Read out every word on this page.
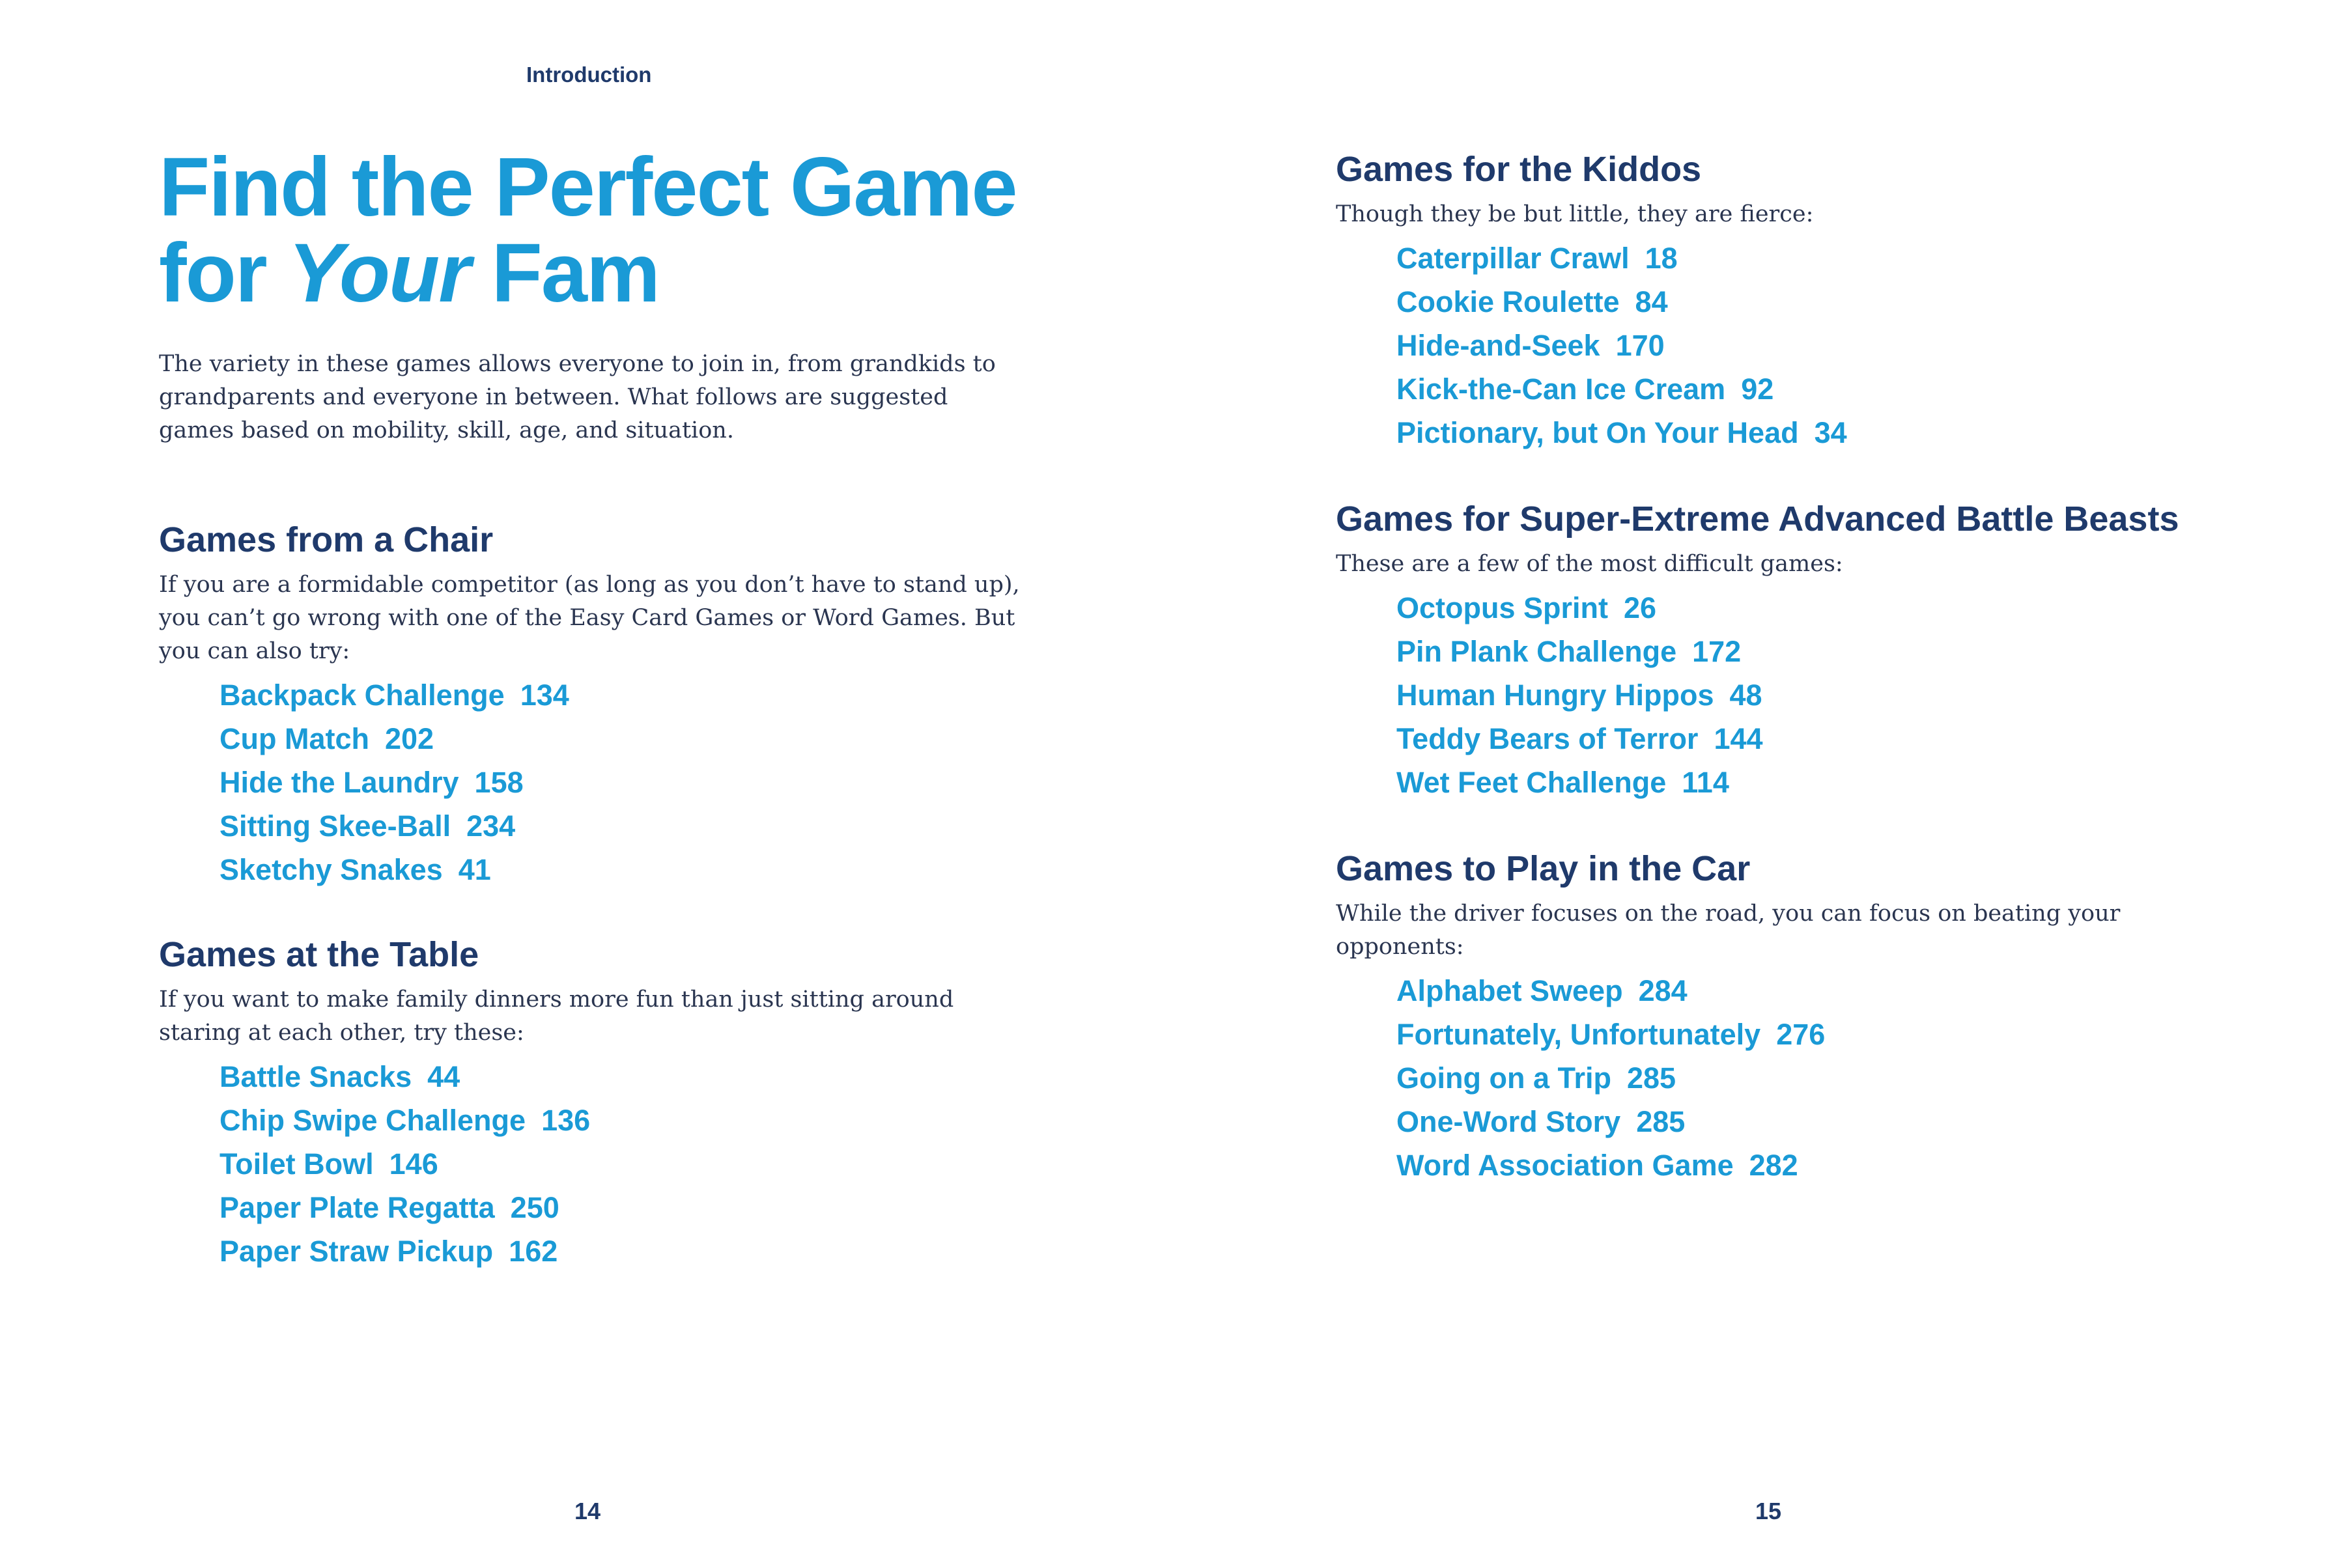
Introduction
Find the Perfect Game
for Your Fam

The variety in these games allows everyone to join in, from grandkids to grandparents and everyone in between. What follows are suggested games based on mobility, skill, age, and situation.

Games from a Chair

If you are a formidable competitor (as long as you don’t have to stand up), you can’t go wrong with one of the Easy Card Games or Word Games. But you can also try:

Backpack Challenge 134
Cup Match 202
Hide the Laundry 158
Sitting Skee-Ball 234
Sketchy Snakes 41
Games at the Table

If you want to make family dinners more fun than just sitting around staring at each other, try these:

Battle Snacks 44
Chip Swipe Challenge 136
Toilet Bowl 146
Paper Plate Regatta 250
Paper Straw Pickup 162
14
Games for the Kiddos

Though they be but little, they are fierce:

Caterpillar Crawl 18
Cookie Roulette 84
Hide-and-Seek 170
Kick-the-Can Ice Cream 92
Pictionary, but On Your Head 34
Games for Super-Extreme Advanced Battle Beasts

These are a few of the most difficult games:

Octopus Sprint 26
Pin Plank Challenge 172
Human Hungry Hippos 48
Teddy Bears of Terror 144
Wet Feet Challenge 114
Games to Play in the Car

While the driver focuses on the road, you can focus on beating your opponents:

Alphabet Sweep 284
Fortunately, Unfortunately 276
Going on a Trip 285
One-Word Story 285
Word Association Game 282
15
